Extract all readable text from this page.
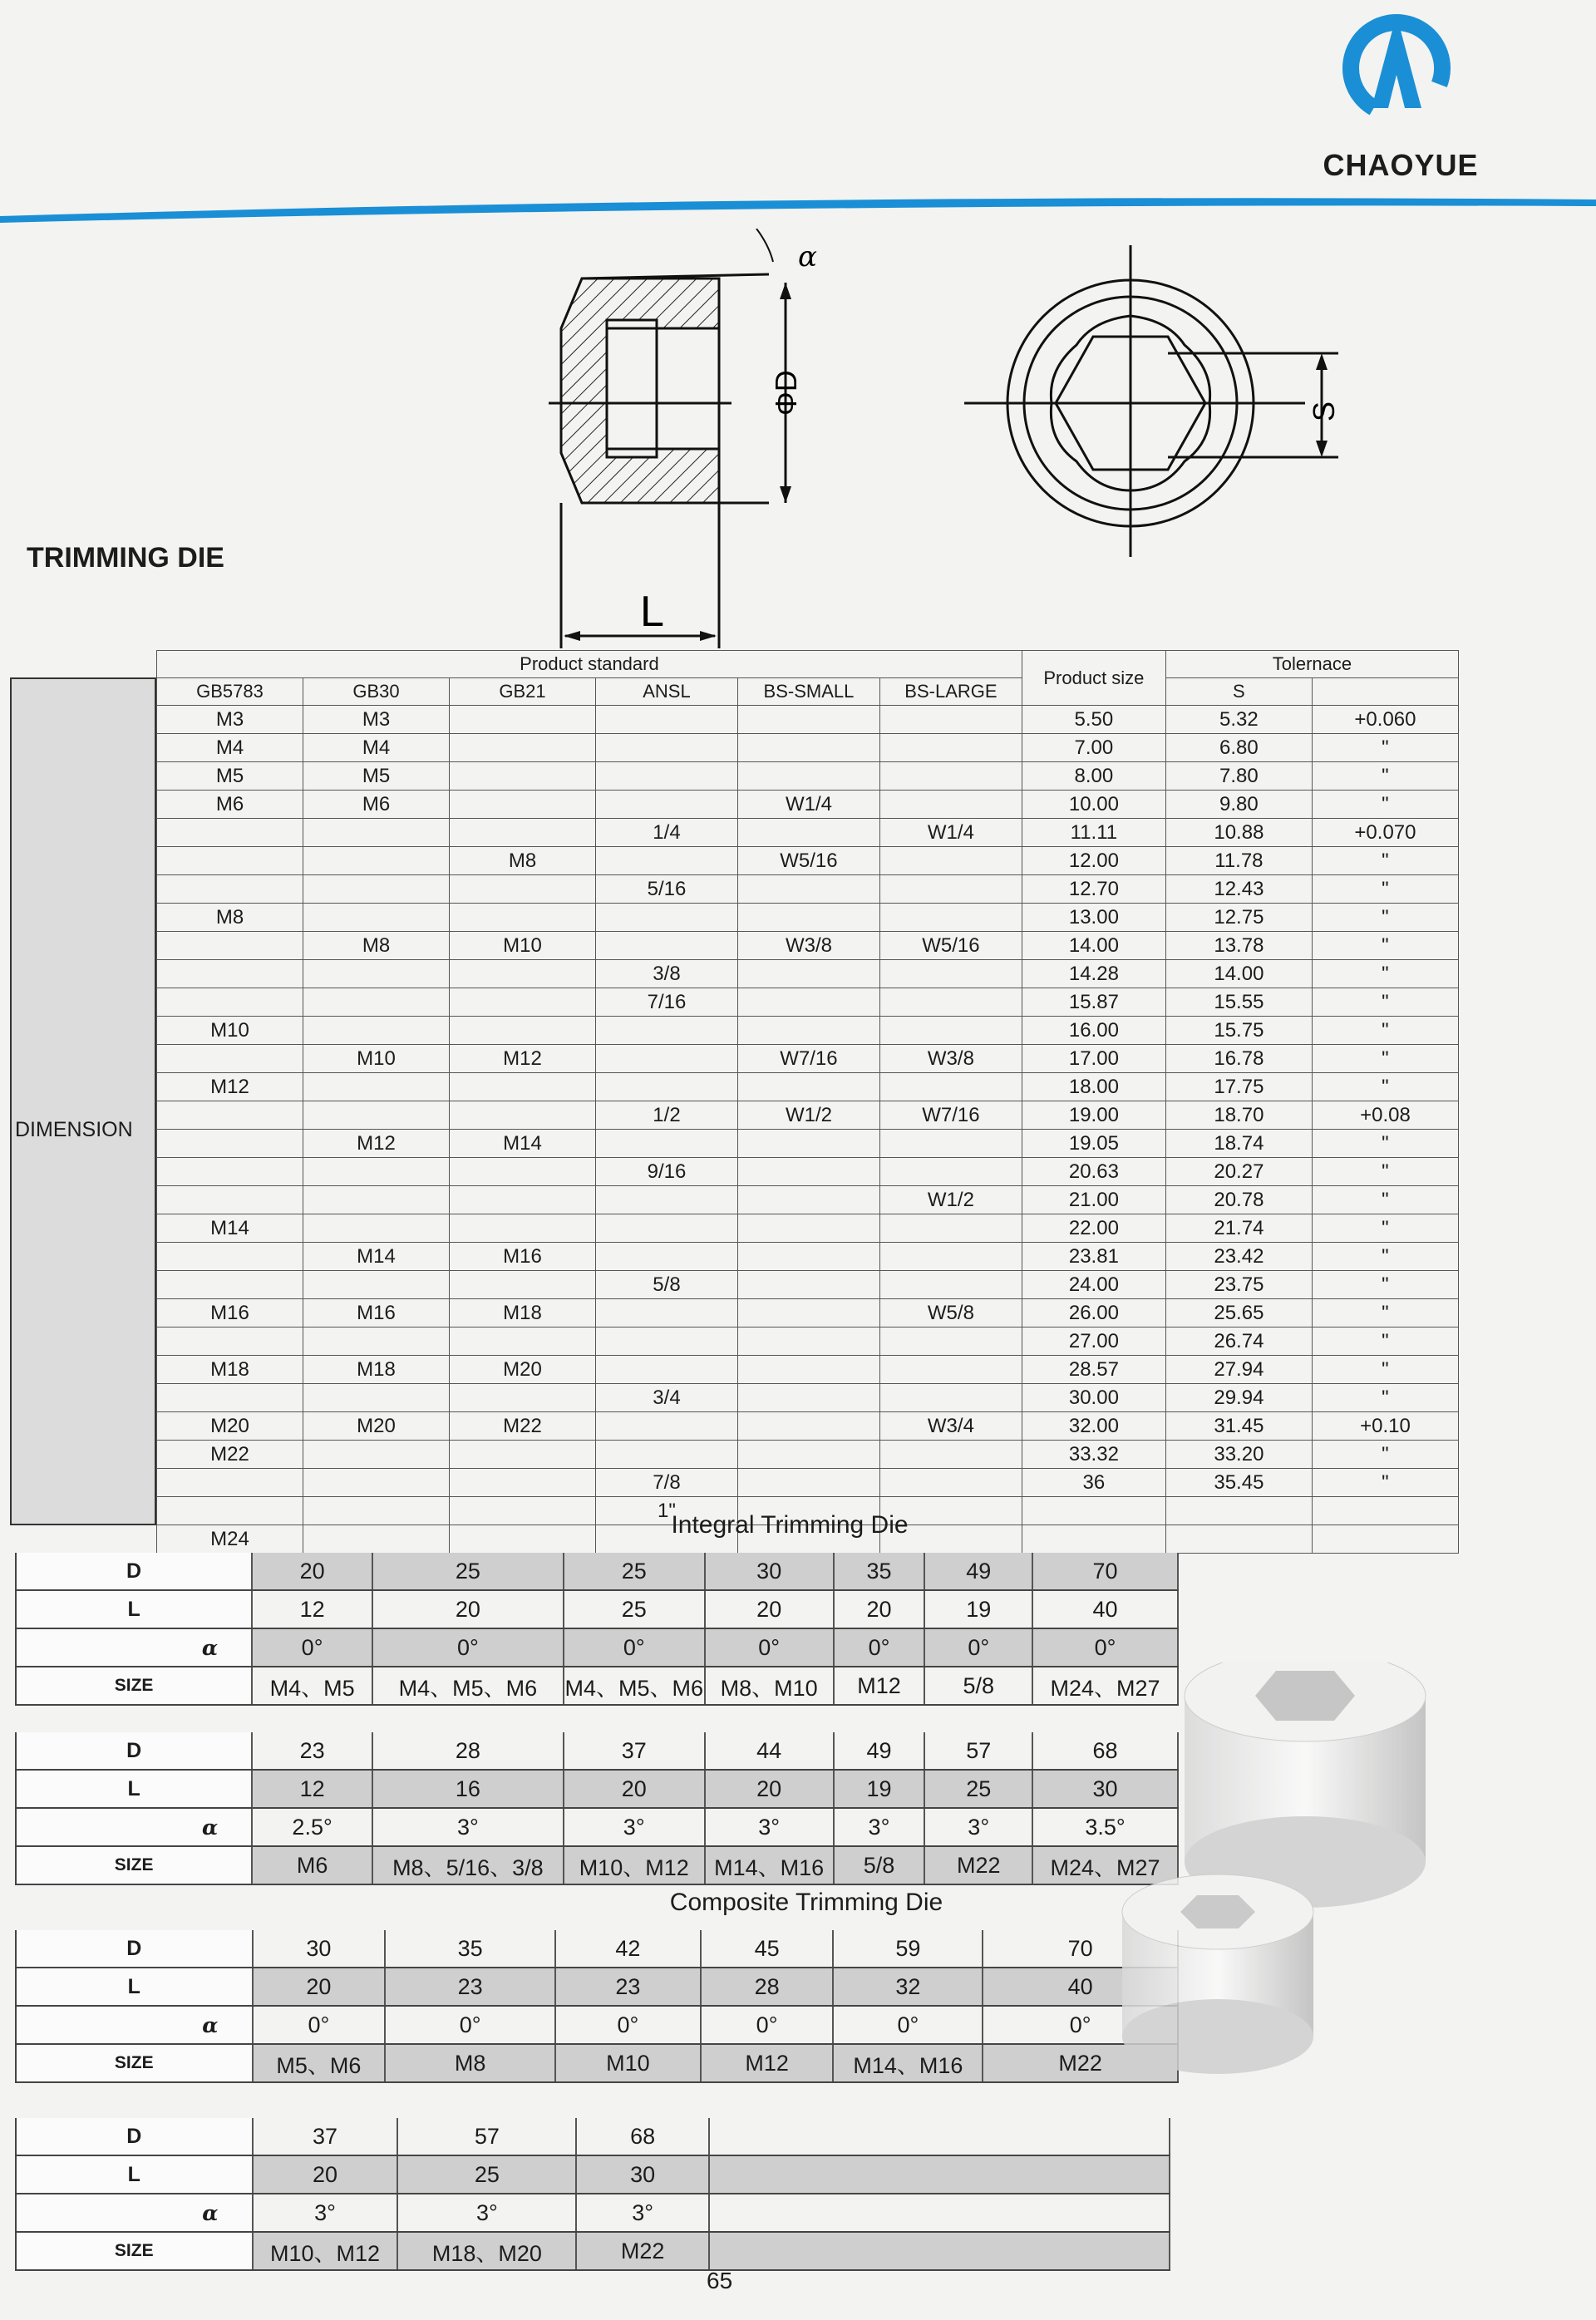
CHAOYUE
TRIMMING DIE
α
ΦD
L
S
DIMENSION
Product standard						Product size	Tolernace	
GB5783	GB30	GB21	ANSL	BS-SMALL	BS-LARGE		S	
M3	M3					5.50	5.32	+0.060
M4	M4					7.00	6.80	"
M5	M5					8.00	7.80	"
M6	M6			W1/4		10.00	9.80	"
			1/4		W1/4	11.11	10.88	+0.070
		M8		W5/16		12.00	11.78	"
			5/16			12.70	12.43	"
M8						13.00	12.75	"
	M8	M10		W3/8	W5/16	14.00	13.78	"
			3/8			14.28	14.00	"
			7/16			15.87	15.55	"
M10						16.00	15.75	"
	M10	M12		W7/16	W3/8	17.00	16.78	"
M12						18.00	17.75	"
			1/2	W1/2	W7/16	19.00	18.70	+0.08
	M12	M14				19.05	18.74	"
			9/16			20.63	20.27	"
					W1/2	21.00	20.78	"
M14						22.00	21.74	"
	M14	M16				23.81	23.42	"
			5/8			24.00	23.75	"
M16	M16	M18			W5/8	26.00	25.65	"
						27.00	26.74	"
M18	M18	M20				28.57	27.94	"
			3/4			30.00	29.94	"
M20	M20	M22			W3/4	32.00	31.45	+0.10
M22						33.32	33.20	"
			7/8			36	35.45	"
			1"					
M24									Integral Trimming Die
D	20	25	25	30	35	49	70
L	12	20	25	20	20	19	40
α	0°	0°	0°	0°	0°	0°	0°
SIZE	M4、M5	M4、M5、M6	M4、M5、M6	M8、M10	M12	5/8	M24、M27
D	23	28	37	44	49	57	68
L	12	16	20	20	19	25	30
α	2.5°	3°	3°	3°	3°	3°	3.5°
SIZE	M6	M8、5/16、3/8	M10、M12	M14、M16	5/8	M22	M24、M27
Composite Trimming Die
D	30	35	42	45	59	70
L	20	23	23	28	32	40
α	0°	0°	0°	0°	0°	0°
SIZE	M5、M6	M8	M10	M12	M14、M16	M22
D	37	57	68	
L	20	25	30	
α	3°	3°	3°	
SIZE	M10、M12	M18、M20	M22	
65
